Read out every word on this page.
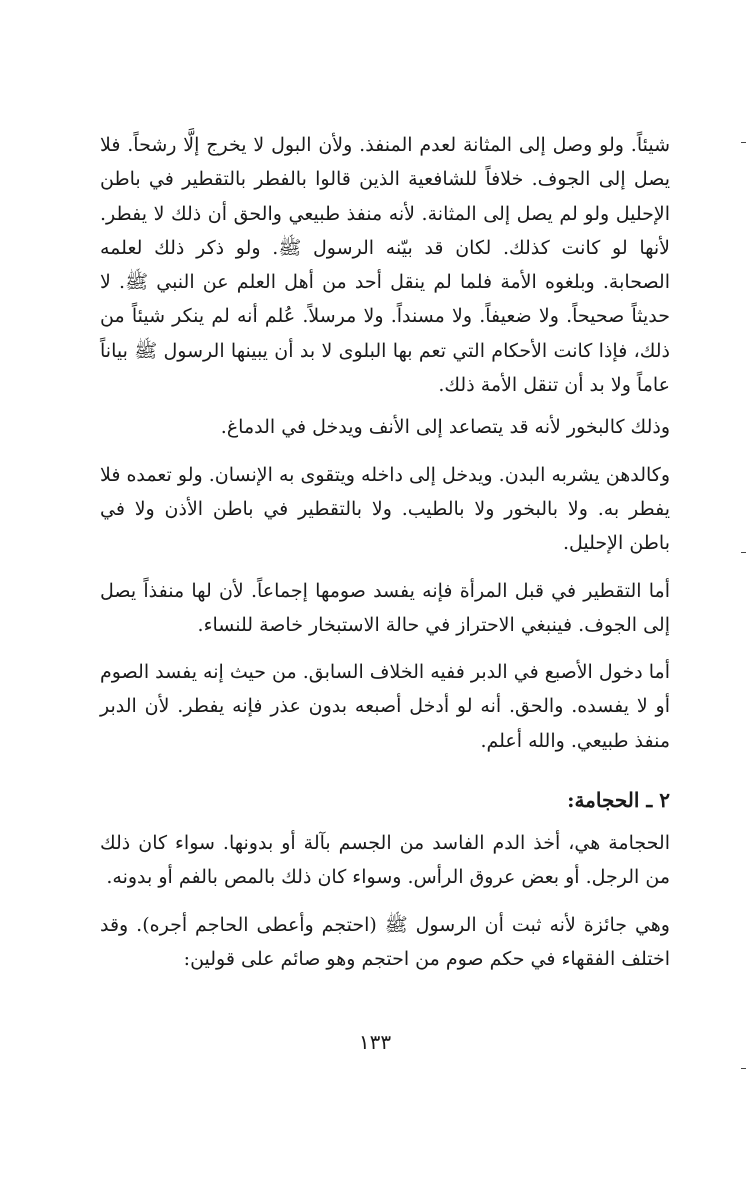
شيئاً. ولو وصل إلى المثانة لعدم المنفذ. ولأن البول لا يخرج إلَّا رشحاً. فلا يصل إلى الجوف. خلافاً للشافعية الذين قالوا بالفطر بالتقطير في باطن الإحليل ولو لم يصل إلى المثانة. لأنه منفذ طبيعي والحق أن ذلك لا يفطر. لأنها لو كانت كذلك. لكان قد بيّنه الرسول ﷺ. ولو ذكر ذلك لعلمه الصحابة. وبلغوه الأمة فلما لم ينقل أحد من أهل العلم عن النبي ﷺ. لا حديثاً صحيحاً. ولا ضعيفاً. ولا مسنداً. ولا مرسلاً. عُلم أنه لم ينكر شيئاً من ذلك، فإذا كانت الأحكام التي تعم بها البلوى لا بد أن يبينها الرسول ﷺ بياناً عاماً ولا بد أن تنقل الأمة ذلك.

وذلك كالبخور لأنه قد يتصاعد إلى الأنف ويدخل في الدماغ.

وكالدهن يشربه البدن. ويدخل إلى داخله ويتقوى به الإنسان. ولو تعمده فلا يفطر به. ولا بالبخور ولا بالطيب. ولا بالتقطير في باطن الأذن ولا في باطن الإحليل.

أما التقطير في قبل المرأة فإنه يفسد صومها إجماعاً. لأن لها منفذاً يصل إلى الجوف. فينبغي الاحتراز في حالة الاستبخار خاصة للنساء.

أما دخول الأصبع في الدبر ففيه الخلاف السابق. من حيث إنه يفسد الصوم أو لا يفسده. والحق. أنه لو أدخل أصبعه بدون عذر فإنه يفطر. لأن الدبر منفذ طبيعي. والله أعلم.

٢ ـ الحجامة:

الحجامة هي، أخذ الدم الفاسد من الجسم بآلة أو بدونها. سواء كان ذلك من الرجل. أو بعض عروق الرأس. وسواء كان ذلك بالمص بالفم أو بدونه.

وهي جائزة لأنه ثبت أن الرسول ﷺ (احتجم وأعطى الحاجم أجره). وقد اختلف الفقهاء في حكم صوم من احتجم وهو صائم على قولين:

١٣٣
